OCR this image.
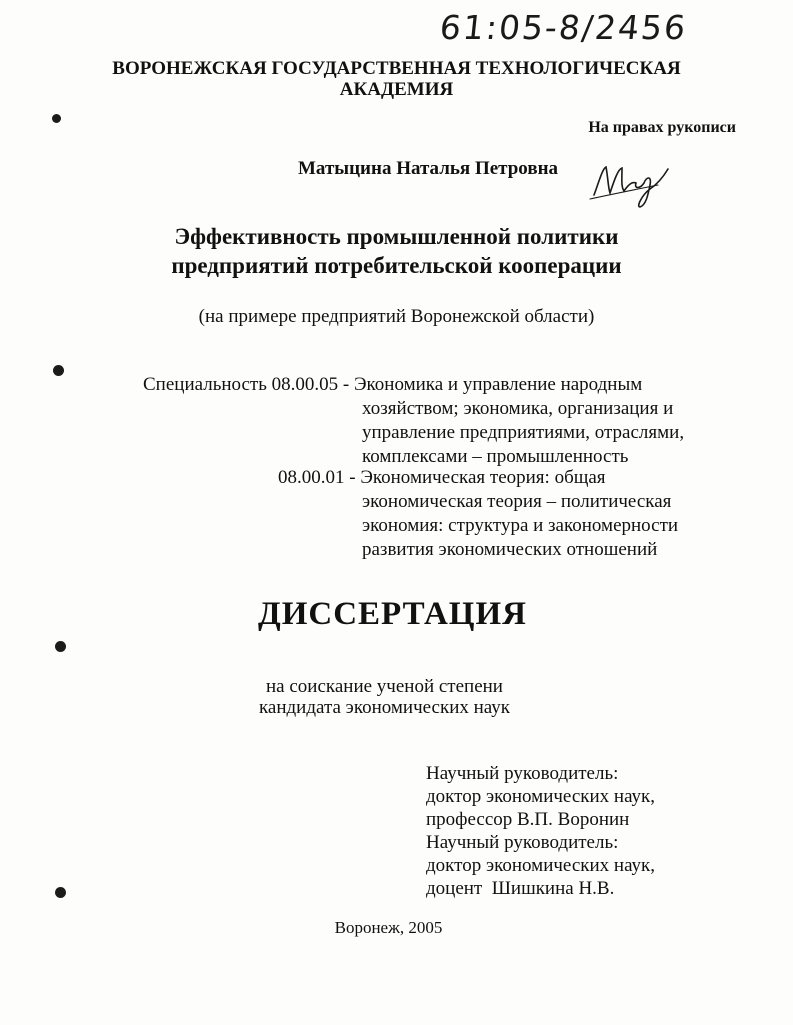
61:05-8/2456
ВОРОНЕЖСКАЯ ГОСУДАРСТВЕННАЯ ТЕХНОЛОГИЧЕСКАЯ
АКАДЕМИЯ
На правах рукописи
Матыцина Наталья Петровна
Эффективность промышленной политики
предприятий потребительской кооперации
(на примере предприятий Воронежской области)
Специальность 08.00.05 - Экономика и управление народным
хозяйством; экономика, организация и
управление предприятиями, отраслями,
комплексами – промышленность
08.00.01 - Экономическая теория: общая
экономическая теория – политическая
экономия: структура и закономерности
развития экономических отношений
ДИССЕРТАЦИЯ
на соискание ученой степени
кандидата экономических наук
Научный руководитель:
доктор экономических наук,
профессор В.П. Воронин
Научный руководитель:
доктор экономических наук,
доцент  Шишкина Н.В.
Воронеж, 2005
